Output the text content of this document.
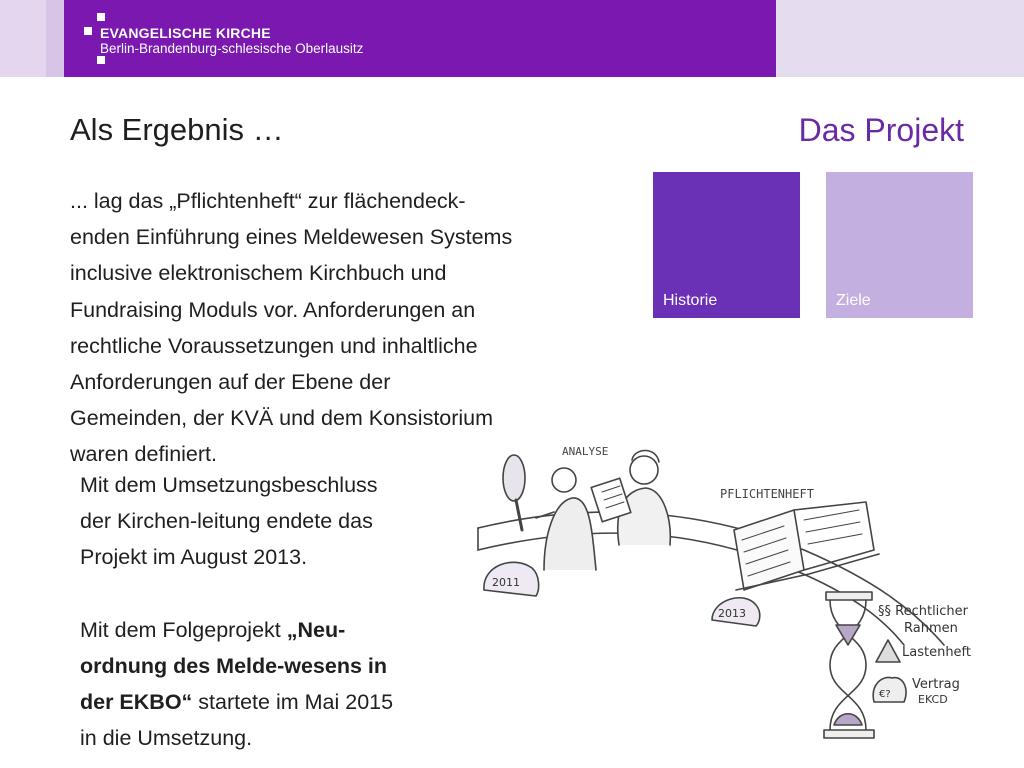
EVANGELISCHE KIRCHE
Berlin-Brandenburg-schlesische Oberlausitz
Als Ergebnis …	Das Projekt
Historie	Ziele
... lag das „Pflichtenheft“ zur flächendeck-
enden Einführung eines Meldewesen Systems
inclusive elektronischem Kirchbuch und
Fundraising Moduls vor. Anforderungen an
rechtliche Voraussetzungen und inhaltliche
Anforderungen auf der Ebene der
Gemeinden, der KVÄ und dem Konsistorium
waren definiert.
Mit dem Umsetzungsbeschluss
der Kirchen-leitung endete das
Projekt im August 2013.
Mit dem Folgeprojekt „Neu-
ordnung des Melde-wesens in
der EKBO“ startete im Mai 2015
in die Umsetzung.
2011
ANALYSE
PFLICHTENHEFT
2013	§§ Rechtlicher
Rahmen
Lastenheft
€?
Vertrag
EKCD
